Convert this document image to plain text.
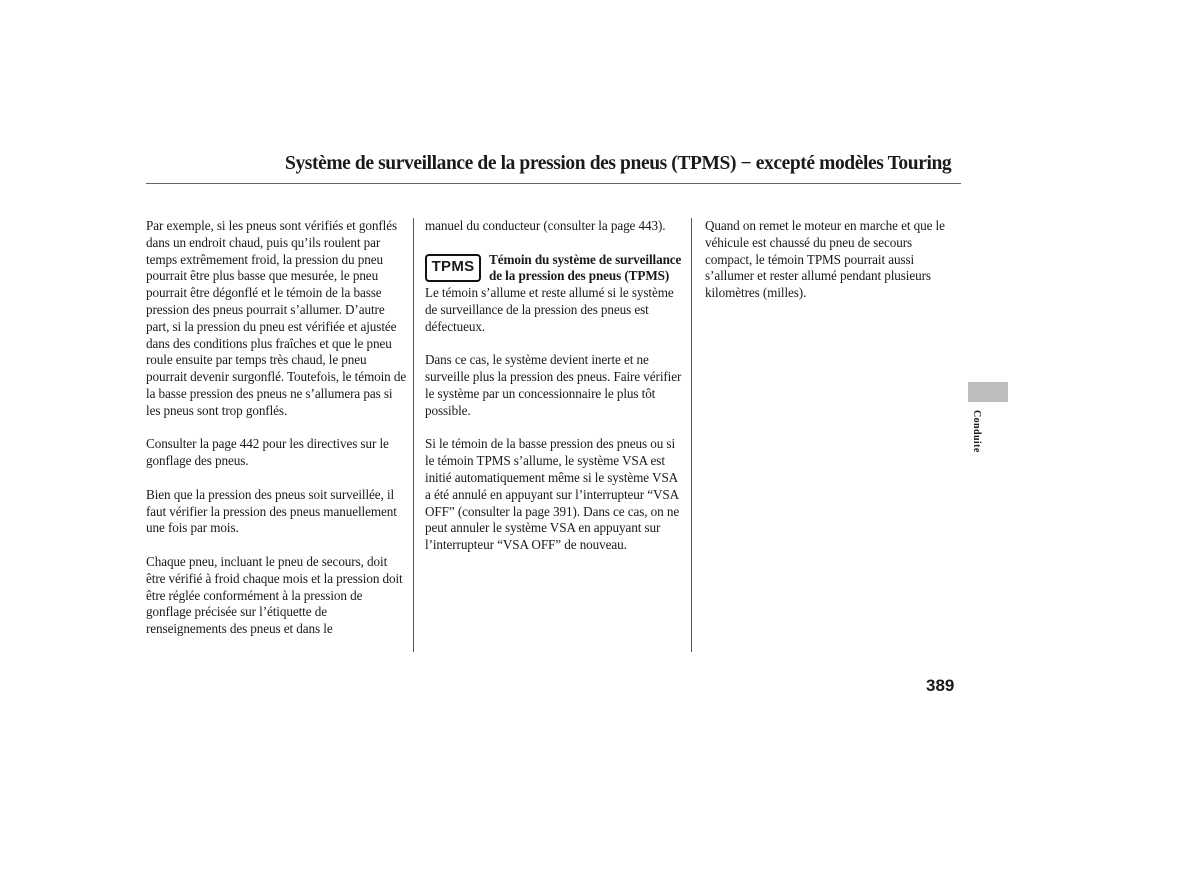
Système de surveillance de la pression des pneus (TPMS) − excepté modèles Touring

Par exemple, si les pneus sont vérifiés et gonflés dans un endroit chaud, puis qu’ils roulent par temps extrêmement froid, la pression du pneu pourrait être plus basse que mesurée, le pneu pourrait être dégonflé et le témoin de la basse pression des pneus pourrait s’allumer. D’autre part, si la pression du pneu est vérifiée et ajustée dans des conditions plus fraîches et que le pneu roule ensuite par temps très chaud, le pneu pourrait devenir surgonflé. Toutefois, le témoin de la basse pression des pneus ne s’allumera pas si les pneus sont trop gonflés.

Consulter la page 442 pour les directives sur le gonflage des pneus.

Bien que la pression des pneus soit surveillée, il faut vérifier la pression des pneus manuellement une fois par mois.

Chaque pneu, incluant le pneu de secours, doit être vérifié à froid chaque mois et la pression doit être réglée conformément à la pression de gonflage précisée sur l’étiquette de renseignements des pneus et dans le

manuel du conducteur (consulter la page 443).

TPMS	Témoin du système de surveillance de la pression des pneus (TPMS)

Le témoin s’allume et reste allumé si le système de surveillance de la pression des pneus est défectueux.

Dans ce cas, le système devient inerte et ne surveille plus la pression des pneus. Faire vérifier le système par un concessionnaire le plus tôt possible.

Si le témoin de la basse pression des pneus ou si le témoin TPMS s’allume, le système VSA est initié automatiquement même si le système VSA a été annulé en appuyant sur l’interrupteur “VSA OFF” (consulter la page 391). Dans ce cas, on ne peut annuler le système VSA en appuyant sur l’interrupteur “VSA OFF” de nouveau.

Quand on remet le moteur en marche et que le véhicule est chaussé du pneu de secours compact, le témoin TPMS pourrait aussi s’allumer et rester allumé pendant plusieurs kilomètres (milles).

Conduite
389
